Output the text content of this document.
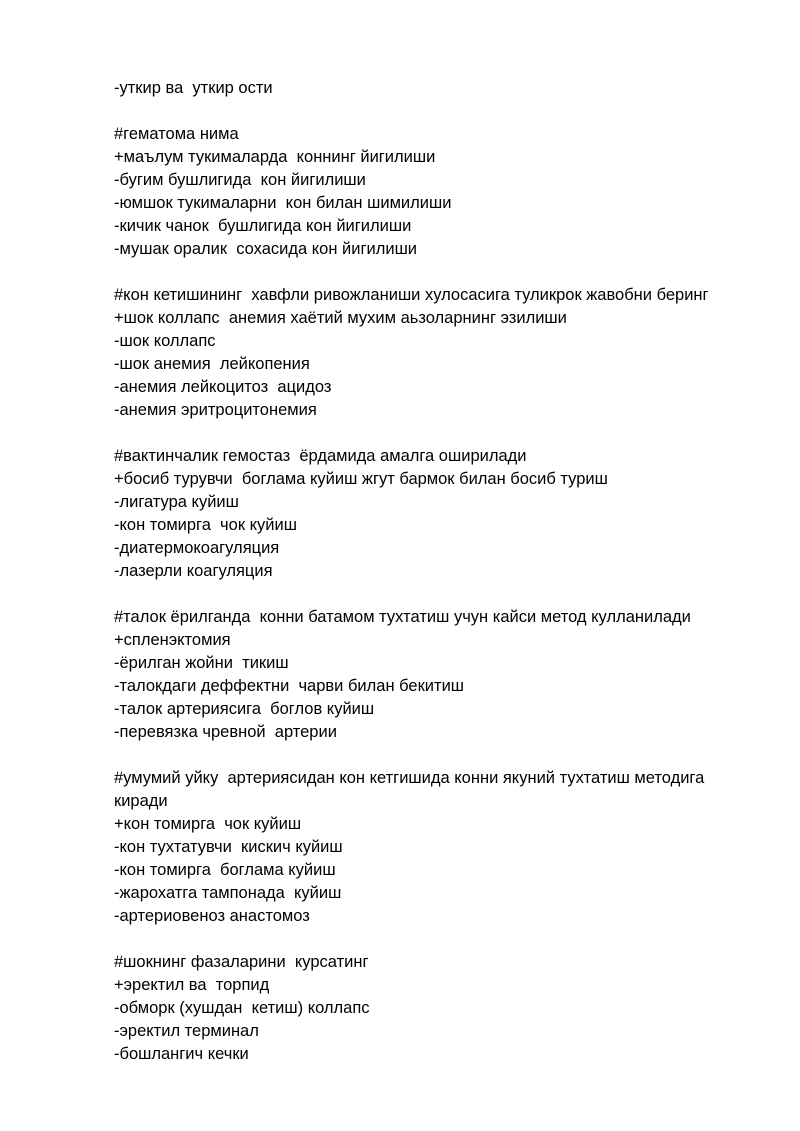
-уткир ва  уткир ости
#гематома нима
+маълум тукималарда  коннинг йигилиши
-бугим бушлигида  кон йигилиши
-юмшок тукималарни  кон билан шимилиши
-кичик чанок  бушлигида кон йигилиши
-мушак оралик  сохасида кон йигилиши
#кон кетишининг  хавфли ривожланиши хулосасига туликрок жавобни беринг
+шок коллапс  анемия хаётий мухим аьзоларнинг эзилиши
-шок коллапс
-шок анемия  лейкопения
-анемия лейкоцитоз  ацидоз
-анемия эритроцитонемия
#вактинчалик гемостаз  ёрдамида амалга оширилади
+босиб турувчи  боглама куйиш жгут бармок билан босиб туриш
-лигатура куйиш
-кон томирга  чок куйиш
-диатермокоагуляция
-лазерли коагуляция
#талок ёрилганда  конни батамом тухтатиш учун кайси метод кулланилади
+спленэктомия
-ёрилган жойни  тикиш
-талокдаги деффектни  чарви билан бекитиш
-талок артериясига  боглов куйиш
-перевязка чревной  артерии
#умумий уйку  артериясидан кон кетгишида конни якуний тухтатиш методига киради
+кон томирга  чок куйиш
-кон тухтатувчи  кискич куйиш
-кон томирга  боглама куйиш
-жарохатга тампонада  куйиш
-артериовеноз анастомоз
#шокнинг фазаларини  курсатинг
+эректил ва  торпид
-обморк (хушдан  кетиш) коллапс
-эректил терминал
-бошлангич кечки
